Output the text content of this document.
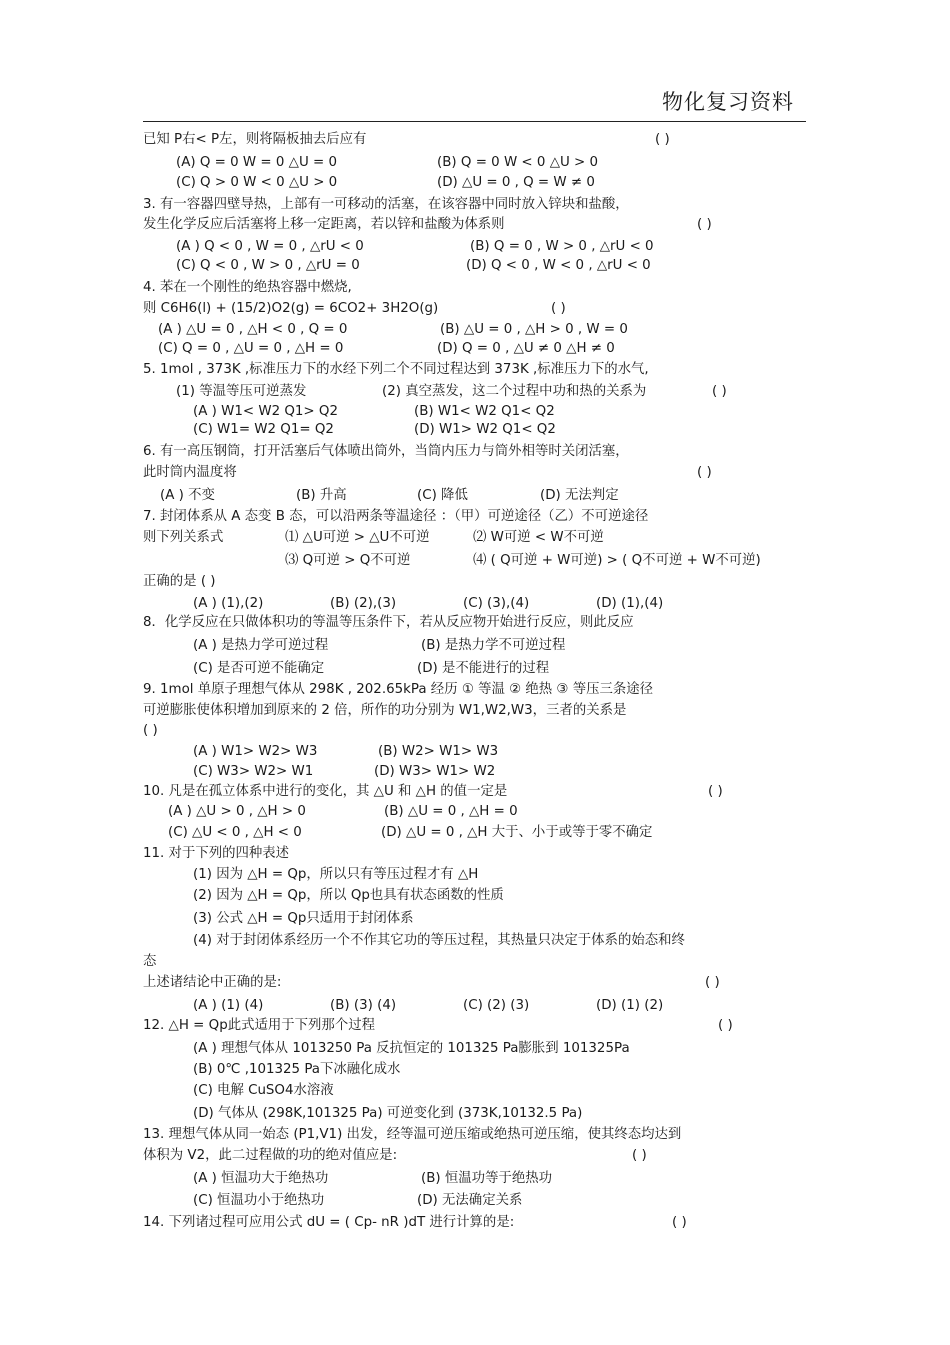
物化复习资料
已知 P右< P左，则将隔板抽去后应有	( )
(A) Q = 0 W = 0 △U = 0	(B) Q = 0 W < 0 △U > 0
(C) Q > 0 W < 0 △U > 0	(D) △U = 0 , Q = W ≠ 0
3. 有一容器四壁导热，上部有一可移动的活塞，在该容器中同时放入锌块和盐酸，
发生化学反应后活塞将上移一定距离，若以锌和盐酸为体系则	( )
(A ) Q < 0 , W = 0 , △rU < 0	(B) Q = 0 , W > 0 , △rU < 0
(C) Q < 0 , W > 0 , △rU = 0	(D) Q < 0 , W < 0 , △rU < 0
4. 苯在一个刚性的绝热容器中燃烧,
则 C6H6(l) + (15/2)O2(g) = 6CO2+ 3H2O(g)	( )
(A ) △U = 0 , △H < 0 , Q = 0	(B) △U = 0 , △H > 0 , W = 0
(C) Q = 0 , △U = 0 , △H = 0	(D) Q = 0 , △U ≠ 0 △H ≠ 0
5. 1mol , 373K ,标准压力下的水经下列二个不同过程达到 373K ,标准压力下的水气,
(1) 等温等压可逆蒸发	(2) 真空蒸发，这二个过程中功和热的关系为	( )
(A ) W1< W2 Q1> Q2	(B) W1< W2 Q1< Q2
(C) W1= W2 Q1= Q2	(D) W1> W2 Q1< Q2
6. 有一高压钢筒，打开活塞后气体喷出筒外，当筒内压力与筒外相等时关闭活塞，
此时筒内温度将	( )
(A ) 不变	(B) 升高	(C) 降低	(D) 无法判定
7. 封闭体系从 A 态变 B 态，可以沿两条等温途径 ：（甲）可逆途径（乙）不可逆途径
则下列关系式	⑴ △U可逆 > △U不可逆	⑵ W可逆 < W不可逆
⑶ Q可逆 > Q不可逆	⑷ ( Q可逆 + W可逆) > ( Q不可逆 + W不可逆)
正确的是 ( )
(A ) (1),(2)	(B) (2),(3)	(C) (3),(4)	(D) (1),(4)
8．化学反应在只做体积功的等温等压条件下，若从反应物开始进行反应，则此反应
(A ) 是热力学可逆过程	(B) 是热力学不可逆过程
(C) 是否可逆不能确定	(D) 是不能进行的过程
9. 1mol 单原子理想气体从 298K , 202.65kPa 经历 ① 等温 ② 绝热 ③ 等压三条途径
可逆膨胀使体积增加到原来的 2 倍，所作的功分别为 W1,W2,W3，三者的关系是
( )
(A ) W1> W2> W3	(B) W2> W1> W3
(C) W3> W2> W1	(D) W3> W1> W2
10. 凡是在孤立体系中进行的变化，其 △U 和 △H 的值一定是	( )
(A ) △U > 0 , △H > 0	(B) △U = 0 , △H = 0
(C) △U < 0 , △H < 0	(D) △U = 0 , △H 大于、小于或等于零不确定
11. 对于下列的四种表述
(1) 因为 △H = Qp，所以只有等压过程才有 △H
(2) 因为 △H = Qp，所以 Qp也具有状态函数的性质
(3) 公式 △H = Qp只适用于封闭体系
(4) 对于封闭体系经历一个不作其它功的等压过程，其热量只决定于体系的始态和终
态
上述诸结论中正确的是:	( )
(A ) (1) (4)	(B) (3) (4)	(C) (2) (3)	(D) (1) (2)
12. △H = Qp此式适用于下列那个过程	( )
(A ) 理想气体从 1013250 Pa 反抗恒定的 101325 Pa膨胀到 101325Pa
(B) 0℃ ,101325 Pa下冰融化成水
(C) 电解 CuSO4水溶液
(D) 气体从 (298K,101325 Pa) 可逆变化到 (373K,10132.5 Pa)
13. 理想气体从同一始态 (P1,V1) 出发，经等温可逆压缩或绝热可逆压缩，使其终态均达到
体积为 V2，此二过程做的功的绝对值应是:	( )
(A ) 恒温功大于绝热功	(B) 恒温功等于绝热功
(C) 恒温功小于绝热功	(D) 无法确定关系
14. 下列诸过程可应用公式 dU = ( Cp- nR )dT 进行计算的是:	( )
